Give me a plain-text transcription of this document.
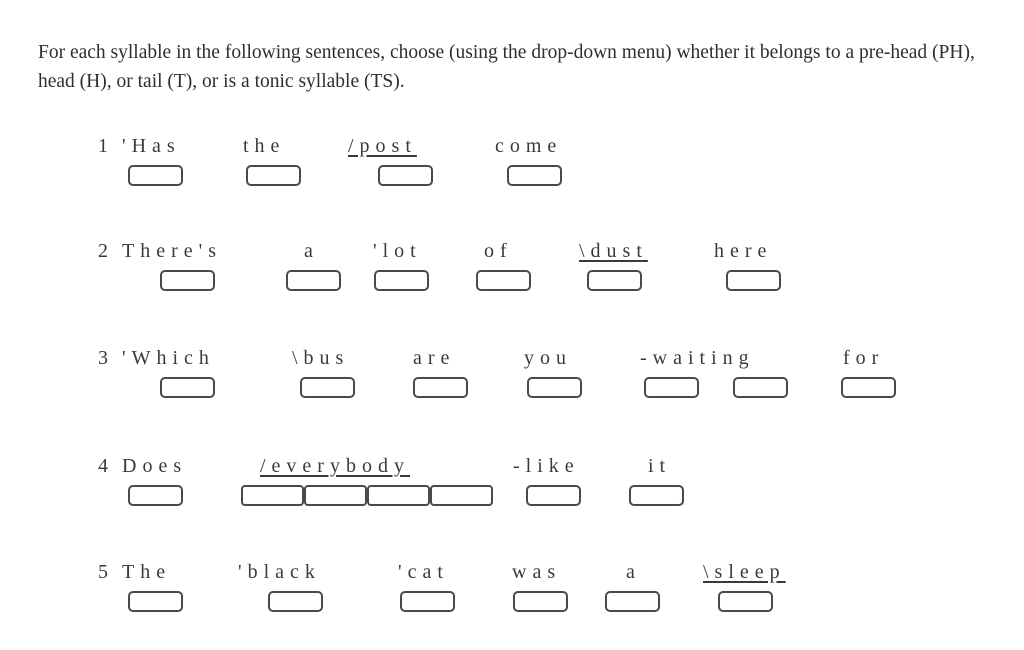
For each syllable in the following sentences, choose (using the drop-down menu) whether it belongs to a pre-head (PH), head (H), or tail (T), or is a tonic syllable (TS).

1 'Has	the	/post	come
2 There's	a	'lot	of	\dust	here
3 'Which	\bus	are	you	-waiting	for
4 Does	/everybody	-like	it
5 The	'black	'cat	was	a	\sleep
